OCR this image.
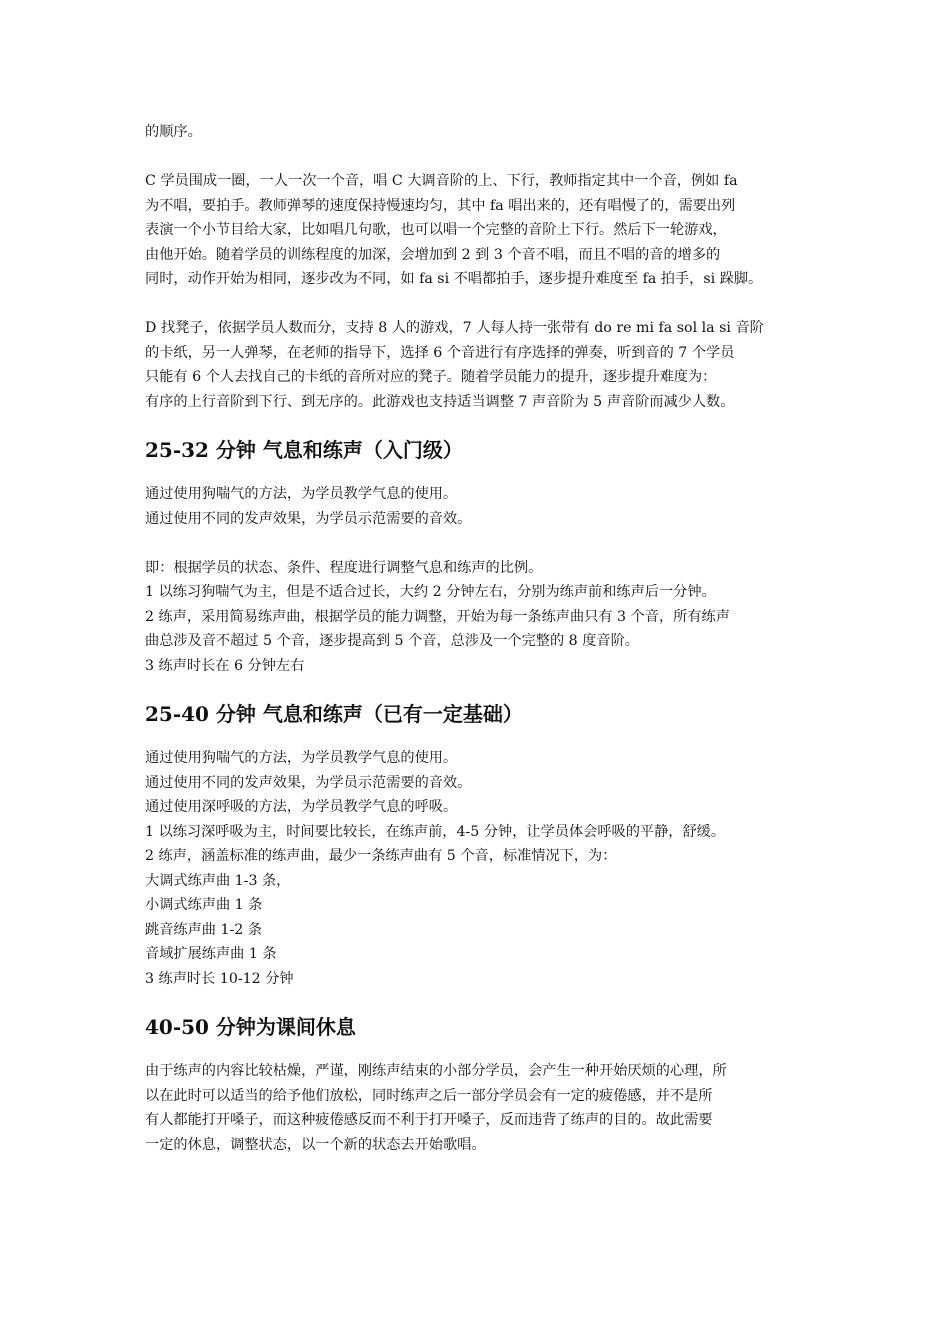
的顺序。
C 学员围成一圈，一人一次一个音，唱 C 大调音阶的上、下行，教师指定其中一个音，例如 fa
为不唱，要拍手。教师弹琴的速度保持慢速均匀，其中 fa 唱出来的，还有唱慢了的，需要出列
表演一个小节目给大家，比如唱几句歌，也可以唱一个完整的音阶上下行。然后下一轮游戏，
由他开始。随着学员的训练程度的加深，会增加到 2 到 3 个音不唱，而且不唱的音的增多的
同时，动作开始为相同，逐步改为不同，如 fa si 不唱都拍手，逐步提升难度至 fa 拍手，si 跺脚。
D 找凳子，依据学员人数而分，支持 8 人的游戏，7 人每人持一张带有 do re mi fa sol la si 音阶
的卡纸，另一人弹琴，在老师的指导下，选择 6 个音进行有序选择的弹奏，听到音的 7 个学员
只能有 6 个人去找自己的卡纸的音所对应的凳子。随着学员能力的提升，逐步提升难度为：
有序的上行音阶到下行、到无序的。此游戏也支持适当调整 7 声音阶为 5 声音阶而减少人数。
25-32 分钟 气息和练声（入门级）
通过使用狗喘气的方法，为学员教学气息的使用。
通过使用不同的发声效果，为学员示范需要的音效。
即：根据学员的状态、条件、程度进行调整气息和练声的比例。
1 以练习狗喘气为主，但是不适合过长，大约 2 分钟左右，分别为练声前和练声后一分钟。
2 练声，采用简易练声曲，根据学员的能力调整，开始为每一条练声曲只有 3 个音，所有练声
曲总涉及音不超过 5 个音，逐步提高到 5 个音，总涉及一个完整的 8 度音阶。
3 练声时长在 6 分钟左右
25-40 分钟 气息和练声（已有一定基础）
通过使用狗喘气的方法，为学员教学气息的使用。
通过使用不同的发声效果，为学员示范需要的音效。
通过使用深呼吸的方法，为学员教学气息的呼吸。
1 以练习深呼吸为主，时间要比较长，在练声前，4-5 分钟，让学员体会呼吸的平静，舒缓。
2 练声，涵盖标准的练声曲，最少一条练声曲有 5 个音，标准情况下，为：
大调式练声曲 1-3 条，
小调式练声曲 1 条
跳音练声曲 1-2 条
音域扩展练声曲 1 条
3 练声时长 10-12 分钟
40-50 分钟为课间休息
由于练声的内容比较枯燥，严谨，刚练声结束的小部分学员，会产生一种开始厌烦的心理，所
以在此时可以适当的给予他们放松，同时练声之后一部分学员会有一定的疲倦感，并不是所
有人都能打开嗓子，而这种疲倦感反而不利于打开嗓子，反而违背了练声的目的。故此需要
一定的休息，调整状态，以一个新的状态去开始歌唱。
